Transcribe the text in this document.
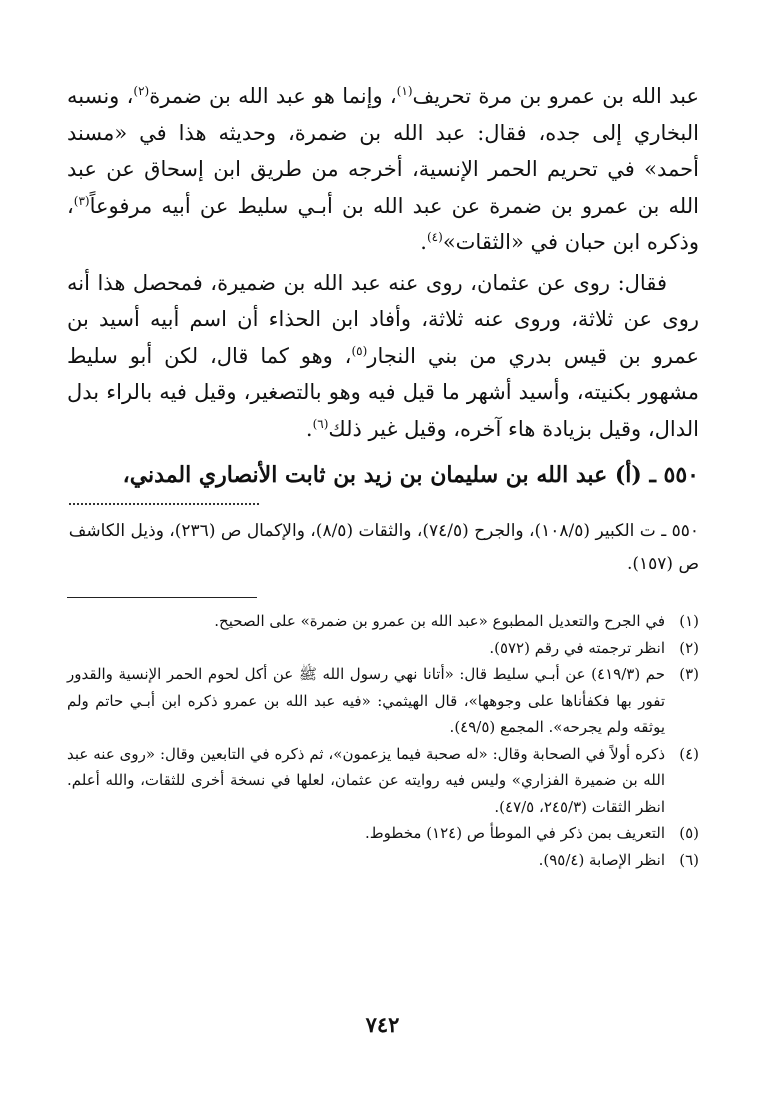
عبد الله بن عمرو بن مرة تحريف$^{(١)}$، وإنما هو عبد الله بن ضمرة$^{(٢)}$، ونسبه البخاري إلى جده، فقال: عبد الله بن ضمرة، وحديثه هذا في «مسند أحمد» في تحريم الحمر الإنسية، أخرجه من طريق ابن إسحاق عن عبد الله بن عمرو بن ضمرة عن عبد الله بن أبـي سليط عن أبيه مرفوعاً$^{(٣)}$، وذكره ابن حبان في «الثقات»$^{(٤)}$.

فقال: روى عن عثمان، روى عنه عبد الله بن ضميرة، فمحصل هذا أنه روى عن ثلاثة، وروى عنه ثلاثة، وأفاد ابن الحذاء أن اسم أبيه أسيد بن عمرو بن قيس بدري من بني النجار$^{(٥)}$، وهو كما قال، لكن أبو سليط مشهور بكنيته، وأسيد أشهر ما قيل فيه وهو بالتصغير، وقيل فيه بالراء بدل الدال، وقيل بزيادة هاء آخره، وقيل غير ذلك$^{(٦)}$.

٥٥٠ ـ (أ) عبد الله بن سليمان بن زيد بن ثابت الأنصاري المدني،
٥٥٠ ـ ت الكبير (١٠٨/٥)، والجرح (٧٤/٥)، والثقات (٨/٥)، والإكمال ص (٢٣٦)، وذيل الكاشف ص (١٥٧).
(١)
في الجرح والتعديل المطبوع «عبد الله بن عمرو بن ضمرة» على الصحيح.
(٢)
انظر ترجمته في رقم (٥٧٢).
(٣)
حم (٤١٩/٣) عن أبـي سليط قال: «أتانا نهي رسول الله ﷺ عن أكل لحوم الحمر الإنسية والقدور تفور بها فكفأناها على وجوهها»، قال الهيثمي: «فيه عبد الله بن عمرو ذكره ابن أبـي حاتم ولم يوثقه ولم يجرحه». المجمع (٤٩/٥).
(٤)
ذكره أولاً في الصحابة وقال: «له صحبة فيما يزعمون»، ثم ذكره في التابعين وقال: «روى عنه عبد الله بن ضميرة الفزاري» وليس فيه روايته عن عثمان، لعلها في نسخة أخرى للثقات، والله أعلم. انظر الثقات (٢٤٥/٣، ٤٧/٥).
(٥)
التعريف بمن ذكر في الموطأ ص (١٢٤) مخطوط.
(٦)
انظر الإصابة (٩٥/٤).
٧٤٢
